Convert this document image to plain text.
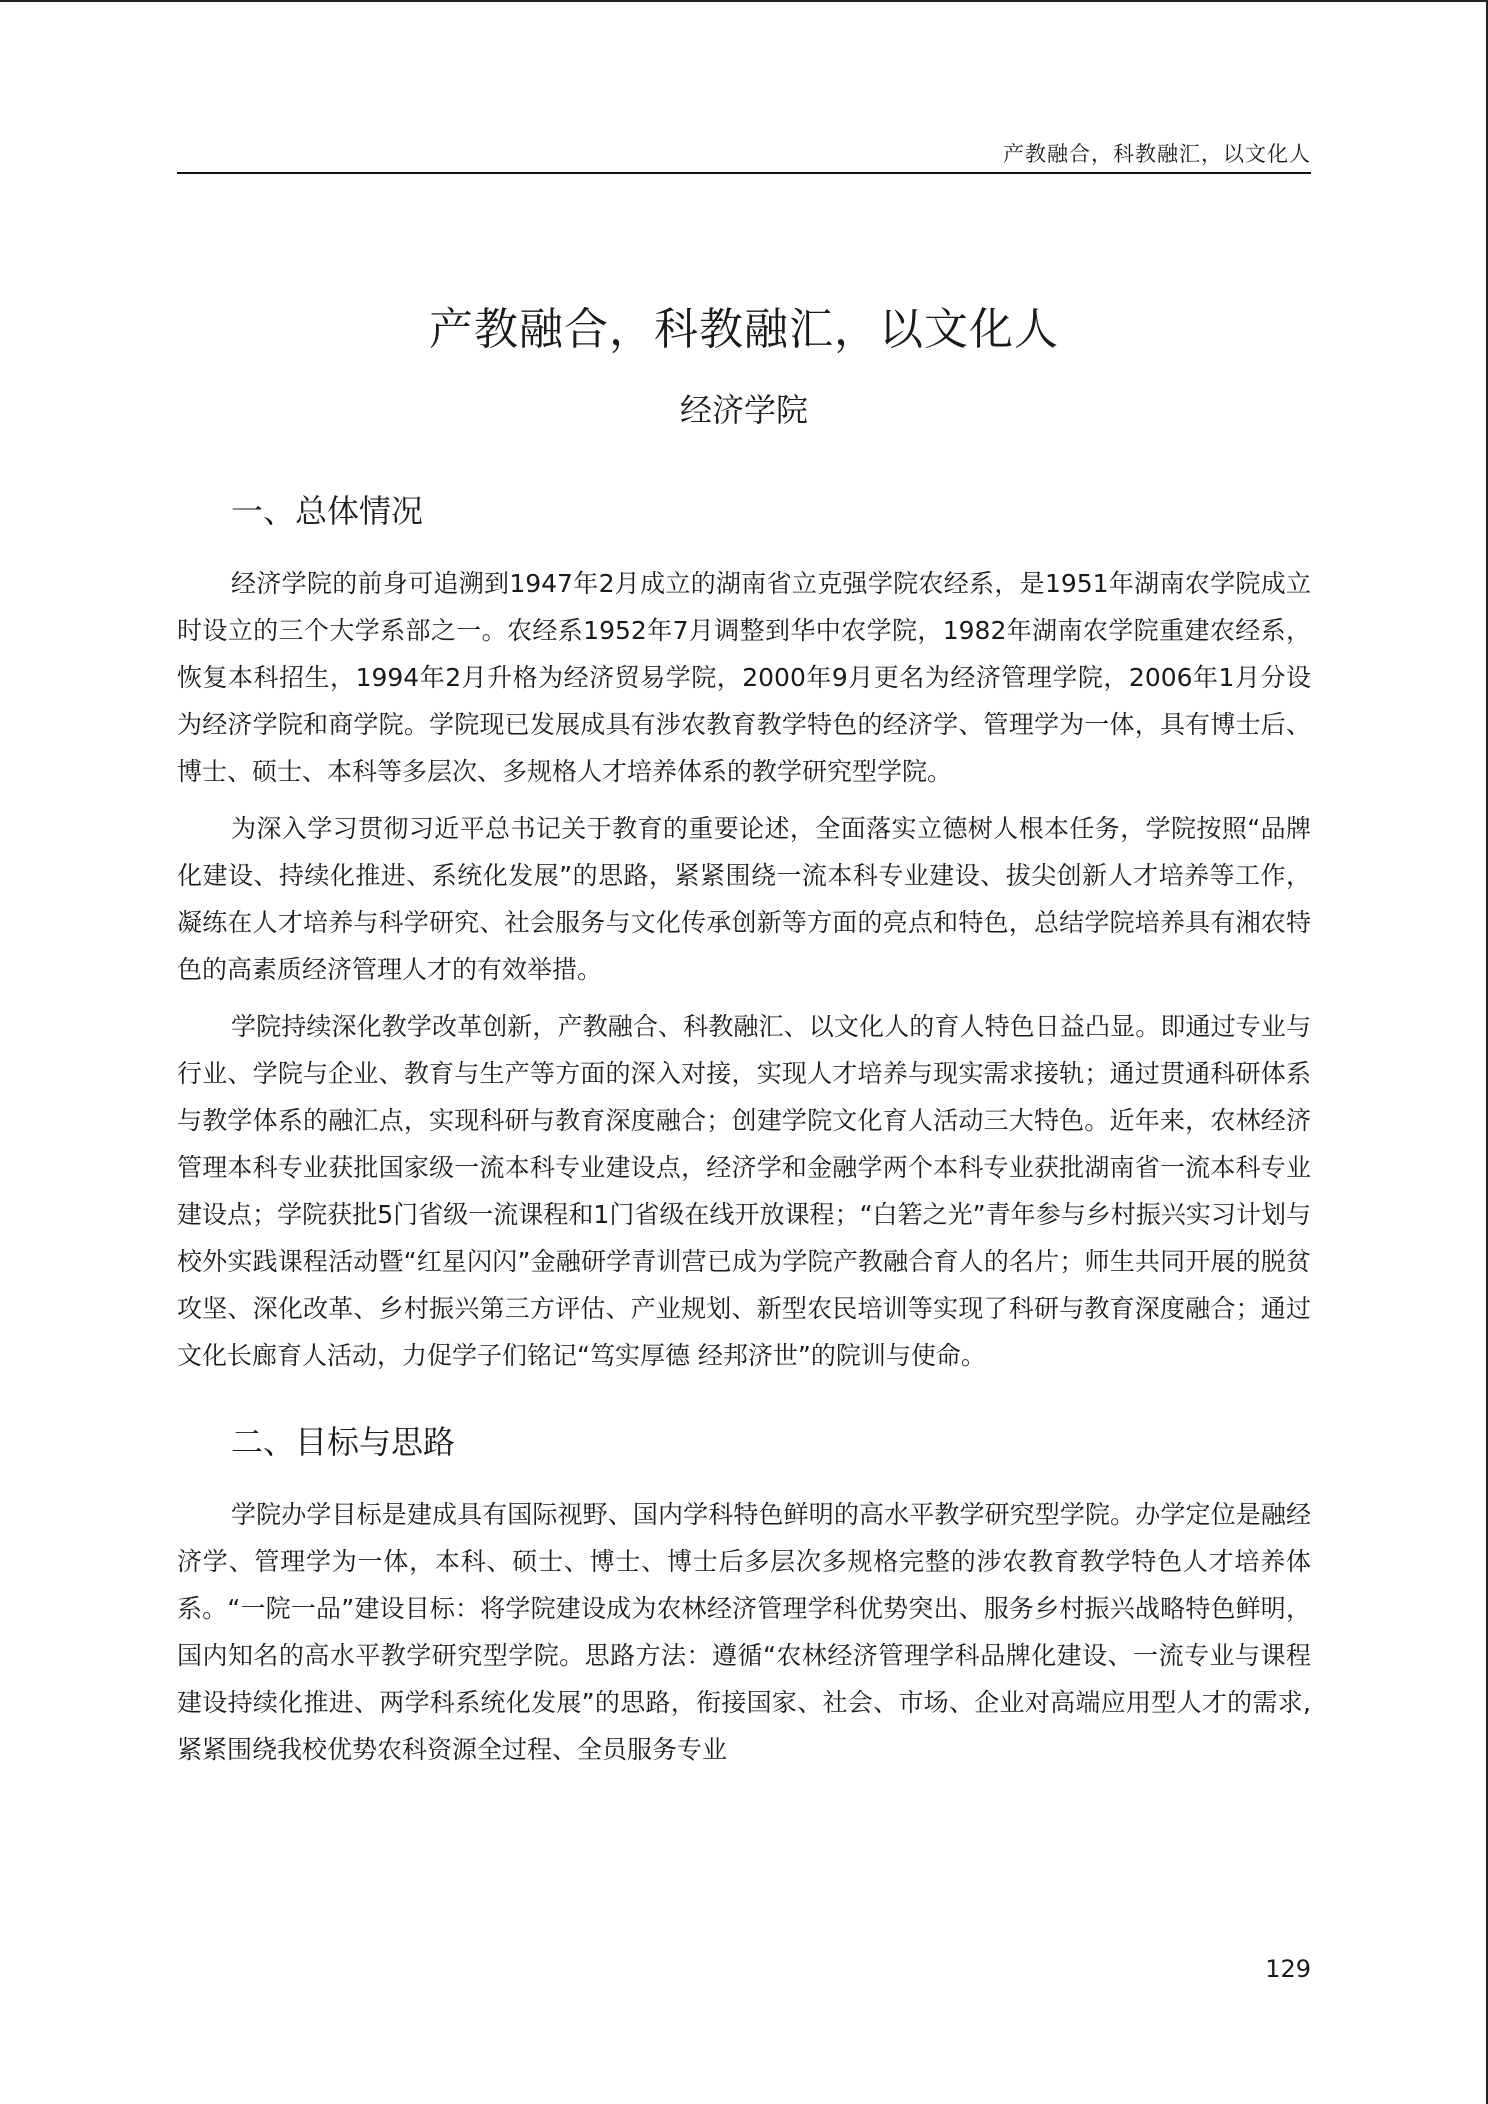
产教融合，科教融汇，以文化人
产教融合，科教融汇，以文化人
经济学院
一、总体情况

经济学院的前身可追溯到1947年2月成立的湖南省立克强学院农经系，是1951年湖南农学院成立时设立的三个大学系部之一。农经系1952年7月调整到华中农学院，1982年湖南农学院重建农经系，恢复本科招生，1994年2月升格为经济贸易学院，2000年9月更名为经济管理学院，2006年1月分设为经济学院和商学院。学院现已发展成具有涉农教育教学特色的经济学、管理学为一体，具有博士后、博士、硕士、本科等多层次、多规格人才培养体系的教学研究型学院。

为深入学习贯彻习近平总书记关于教育的重要论述，全面落实立德树人根本任务，学院按照“品牌化建设、持续化推进、系统化发展”的思路，紧紧围绕一流本科专业建设、拔尖创新人才培养等工作，凝练在人才培养与科学研究、社会服务与文化传承创新等方面的亮点和特色，总结学院培养具有湘农特色的高素质经济管理人才的有效举措。

学院持续深化教学改革创新，产教融合、科教融汇、以文化人的育人特色日益凸显。即通过专业与行业、学院与企业、教育与生产等方面的深入对接，实现人才培养与现实需求接轨；通过贯通科研体系与教学体系的融汇点，实现科研与教育深度融合；创建学院文化育人活动三大特色。近年来，农林经济管理本科专业获批国家级一流本科专业建设点，经济学和金融学两个本科专业获批湖南省一流本科专业建设点；学院获批5门省级一流课程和1门省级在线开放课程；“白箬之光”青年参与乡村振兴实习计划与校外实践课程活动暨“红星闪闪”金融研学青训营已成为学院产教融合育人的名片；师生共同开展的脱贫攻坚、深化改革、乡村振兴第三方评估、产业规划、新型农民培训等实现了科研与教育深度融合；通过文化长廊育人活动，力促学子们铭记“笃实厚德 经邦济世”的院训与使命。

二、目标与思路

学院办学目标是建成具有国际视野、国内学科特色鲜明的高水平教学研究型学院。办学定位是融经济学、管理学为一体，本科、硕士、博士、博士后多层次多规格完整的涉农教育教学特色人才培养体系。“一院一品”建设目标：将学院建设成为农林经济管理学科优势突出、服务乡村振兴战略特色鲜明，国内知名的高水平教学研究型学院。思路方法：遵循“农林经济管理学科品牌化建设、一流专业与课程建设持续化推进、两学科系统化发展”的思路，衔接国家、社会、市场、企业对高端应用型人才的需求,紧紧围绕我校优势农科资源全过程、全员服务专业

129
